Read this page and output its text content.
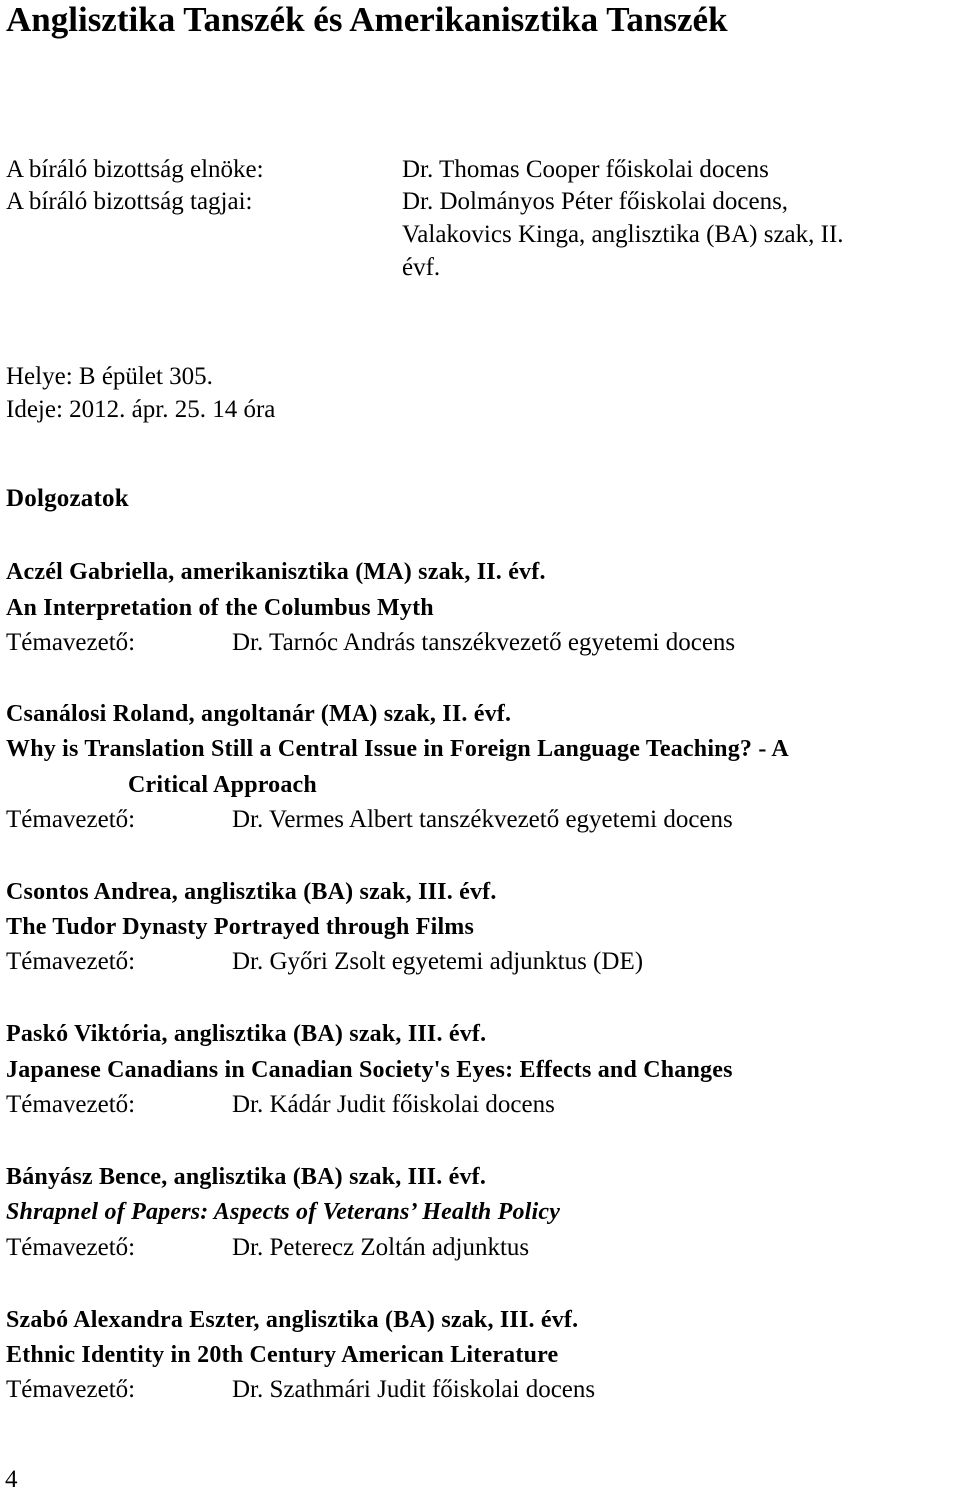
Anglisztika Tanszék és Amerikanisztika Tanszék
A bíráló bizottság elnöke:	Dr. Thomas Cooper főiskolai docens
A bíráló bizottság tagjai:	Dr. Dolmányos Péter főiskolai docens,
Valakovics Kinga, anglisztika (BA) szak, II.
évf.
Helye: B épület 305.
Ideje: 2012. ápr. 25. 14 óra
Dolgozatok
Aczél Gabriella, amerikanisztika (MA) szak, II. évf.
An Interpretation of the Columbus Myth
Témavezető:	Dr. Tarnóc András tanszékvezető egyetemi docens
Csanálosi Roland, angoltanár (MA) szak, II. évf.
Why is Translation Still a Central Issue in Foreign Language Teaching? - A
Critical Approach
Témavezető:	Dr. Vermes Albert tanszékvezető egyetemi docens
Csontos Andrea, anglisztika (BA) szak, III. évf.
The Tudor Dynasty Portrayed through Films
Témavezető:	Dr. Győri Zsolt egyetemi adjunktus (DE)
Paskó Viktória, anglisztika (BA) szak, III. évf.
Japanese Canadians in Canadian Society's Eyes: Effects and Changes
Témavezető:	Dr. Kádár Judit főiskolai docens
Bányász Bence, anglisztika (BA) szak, III. évf.
Shrapnel of Papers: Aspects of Veterans’ Health Policy
Témavezető:	Dr. Peterecz Zoltán adjunktus
Szabó Alexandra Eszter, anglisztika (BA) szak, III. évf.
Ethnic Identity in 20th Century American Literature
Témavezető:	Dr. Szathmári Judit főiskolai docens
4
